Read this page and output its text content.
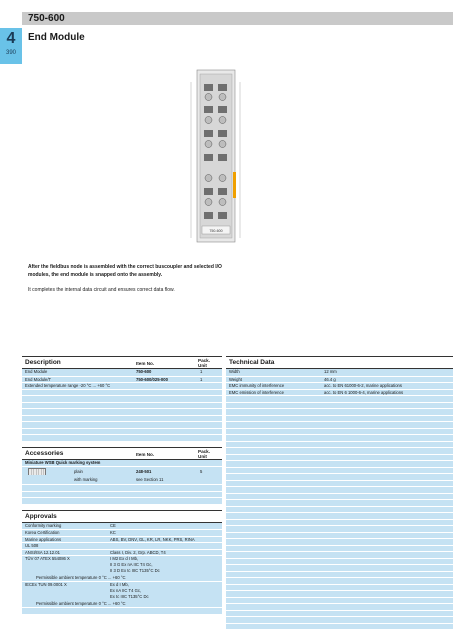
750-600
4
390
End Module
750-600
After the fieldbus node is assembled with the correct buscoupler and selected I/O modules, the end module is snapped onto the assembly.
It completes the internal data circuit and ensures correct data flow.
Description	Item No.
Pack. Unit
End Module	750-600	1
End Module/T	750-600/025-000	1
Extended temperature range -20 °C ... +60 °C
Accessories	Item No.
Pack. Unit
Miniature WSB Quick marking system
plain	248-501	5
with marking	see Section 11
Approvals
Conformity marking	CE
Korea Certification	KC
Marine applications	ABS, BV, DNV, GL, KR, LR, NKK, PRS, RINA
UL 508
ANSI/ISA 12.12.01	Class I, Div. 2, Grp. ABCD, T4
TÜV 07 ATEX 554086 X	I M2 Ex d I Mb,
II 3 G Ex nA IIC T4 Gc,
II 3 D Ex tc IIIC T135°C Dc
Permissible ambient temperature 0 °C ... +60 °C
IECEx TUN 09.0001 X	Ex d I Mb,
Ex nA IIC T4 Gc,
Ex tc IIIC T135°C Dc
Permissible ambient temperature 0 °C ... +60 °C
Technical Data
Width	12 mm
Weight	46.4 g
EMC immunity of interference	acc. to EN 61000-6-2, marine applications
EMC emission of interference	acc. to EN 6 1000-6-4, marine applications
